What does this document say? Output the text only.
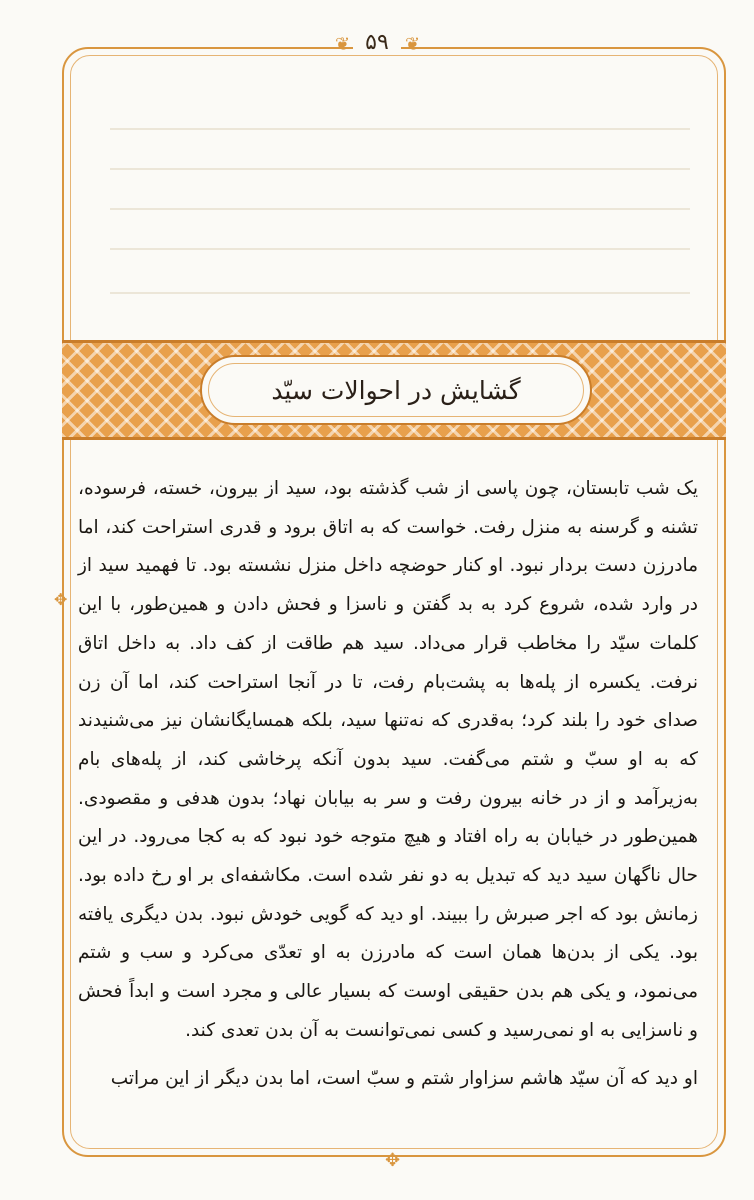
۵۹
❦	❦
✥
✥
گشایش در احوالات سیّد

یک شب تابستان، چون پاسی از شب گذشته بود، سید از بیرون، خسته، فرسوده، تشنه و گرسنه به منزل رفت. خواست که به اتاق برود و قدری استراحت کند، اما مادرزن دست بردار نبود. او کنار حوضچه داخل منزل نشسته بود. تا فهمید سید از در وارد شده، شروع کرد به بد گفتن و ناسزا و فحش دادن و همین‌طور، با این کلمات سیّد را مخاطب قرار می‌داد. سید هم طاقت از کف داد. به داخل اتاق نرفت. یکسره از پله‌ها به پشت‌بام رفت، تا در آنجا استراحت کند، اما آن زن صدای خود را بلند کرد؛ به‌قدری که نه‌تنها سید، بلکه همسایگانشان نیز می‌شنیدند که به او سبّ و شتم می‌گفت. سید بدون آنکه پرخاشی کند، از پله‌های بام به‌زیرآمد و از در خانه بیرون رفت و سر به بیابان نهاد؛ بدون هدفی و مقصودی. همین‌طور در خیابان به راه افتاد و هیچ متوجه خود نبود که به کجا می‌رود. در این حال ناگهان سید دید که تبدیل به دو نفر شده است. مکاشفه‌ای بر او رخ داده بود. زمانش بود که اجر صبرش را ببیند. او دید که گویی خودش نبود. بدن دیگری یافته بود. یکی از بدن‌ها همان است که مادرزن به او تعدّی می‌کرد و سب و شتم می‌نمود، و یکی هم بدن حقیقی اوست که بسیار عالی و مجرد است و ابداً فحش و ناسزایی به او نمی‌رسید و کسی نمی‌توانست به آن بدن تعدی کند.

او دید که آن سیّد هاشم سزاوار شتم و سبّ است، اما بدن دیگر از این مراتب
